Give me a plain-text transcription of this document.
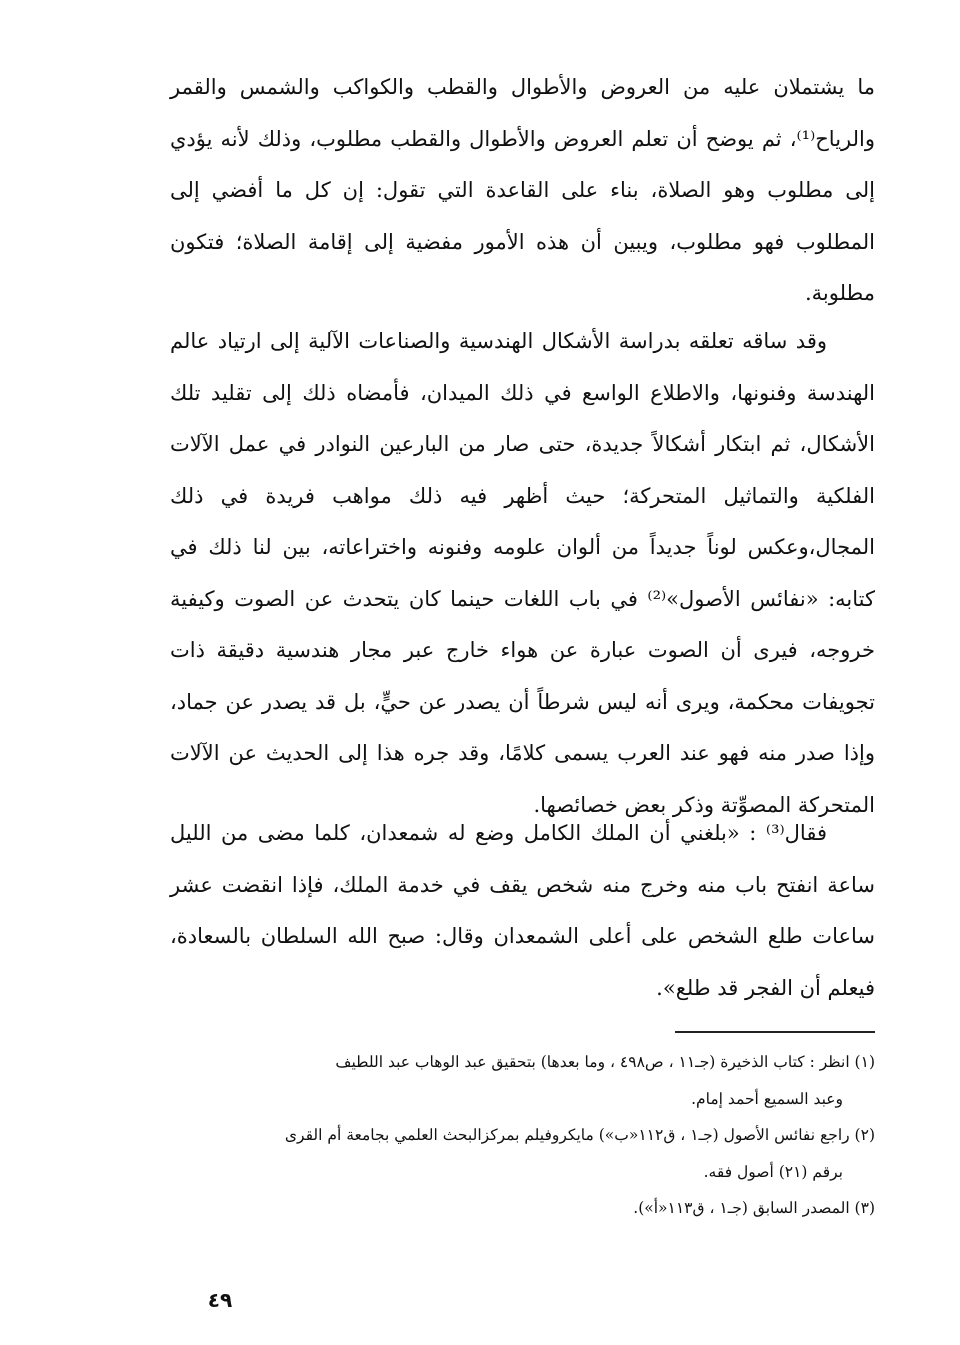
ما يشتملان عليه من العروض والأطوال والقطب والكواكب والشمس والقمر والرياح⁽¹⁾، ثم يوضح أن تعلم العروض والأطوال والقطب مطلوب، وذلك لأنه يؤدي إلى مطلوب وهو الصلاة، بناء على القاعدة التي تقول: إن كل ما أفضي إلى المطلوب فهو مطلوب، ويبين أن هذه الأمور مفضية إلى إقامة الصلاة؛ فتكون مطلوبة.

وقد ساقه تعلقه بدراسة الأشكال الهندسية والصناعات الآلية إلى ارتياد عالم الهندسة وفنونها، والاطلاع الواسع في ذلك الميدان، فأمضاه ذلك إلى تقليد تلك الأشكال، ثم ابتكار أشكالاً جديدة، حتى صار من البارعين النوادر في عمل الآلات الفلكية والتماثيل المتحركة؛ حيث أظهر فيه ذلك مواهب فريدة في ذلك المجال،وعكس لوناً جديداً من ألوان علومه وفنونه واختراعاته، بين لنا ذلك في كتابه: «نفائس الأصول»⁽²⁾ في باب اللغات حينما كان يتحدث عن الصوت وكيفية خروجه، فيرى أن الصوت عبارة عن هواء خارج عبر مجار هندسية دقيقة ذات تجويفات محكمة، ويرى أنه ليس شرطاً أن يصدر عن حيٍّ، بل قد يصدر عن جماد، وإذا صدر منه فهو عند العرب يسمى كلامًا، وقد جره هذا إلى الحديث عن الآلات المتحركة المصوِّتة وذكر بعض خصائصها.

فقال⁽³⁾ : «بلغني أن الملك الكامل وضع له شمعدان، كلما مضى من الليل ساعة انفتح باب منه وخرج منه شخص يقف في خدمة الملك، فإذا انقضت عشر ساعات طلع الشخص على أعلى الشمعدان وقال: صبح الله السلطان بالسعادة، فيعلم أن الفجر قد طلع».

(١) انظر : كتاب الذخيرة (جـ١١ ، ص٤٩٨ ، وما بعدها) بتحقيق عبد الوهاب عبد اللطيف

وعبد السميع أحمد إمام.

(٢) راجع نفائس الأصول (جـ١ ، ق١١٢«ب») مايكروفيلم بمركزالبحث العلمي بجامعة أم القرى

برقم (٢١) أصول فقه.

(٣) المصدر السابق (جـ١ ، ق١١٣«أ»).

٤٩
